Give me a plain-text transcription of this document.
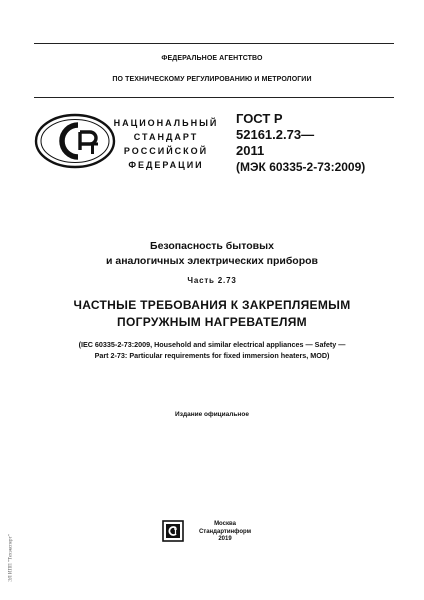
ФЕДЕРАЛЬНОЕ АГЕНТСТВО
ПО ТЕХНИЧЕСКОМУ РЕГУЛИРОВАНИЮ И МЕТРОЛОГИИ
НАЦИОНАЛЬНЫЙ
СТАНДАРТ
РОССИЙСКОЙ
ФЕДЕРАЦИИ
ГОСТ Р
52161.2.73—
2011
(МЭК 60335-2-73:2009)
Безопасность бытовых
и аналогичных электрических приборов
Часть 2.73
ЧАСТНЫЕ ТРЕБОВАНИЯ К ЗАКРЕПЛЯЕМЫМ
ПОГРУЖНЫМ НАГРЕВАТЕЛЯМ
(IEC 60335-2-73:2009, Household and similar electrical appliances — Safety —
Part 2-73: Particular requirements for fixed immersion heaters, MOD)
Издание официальное
Москва
Стандартинформ
2019
ЭЛ ИПП "Техэксперт"
